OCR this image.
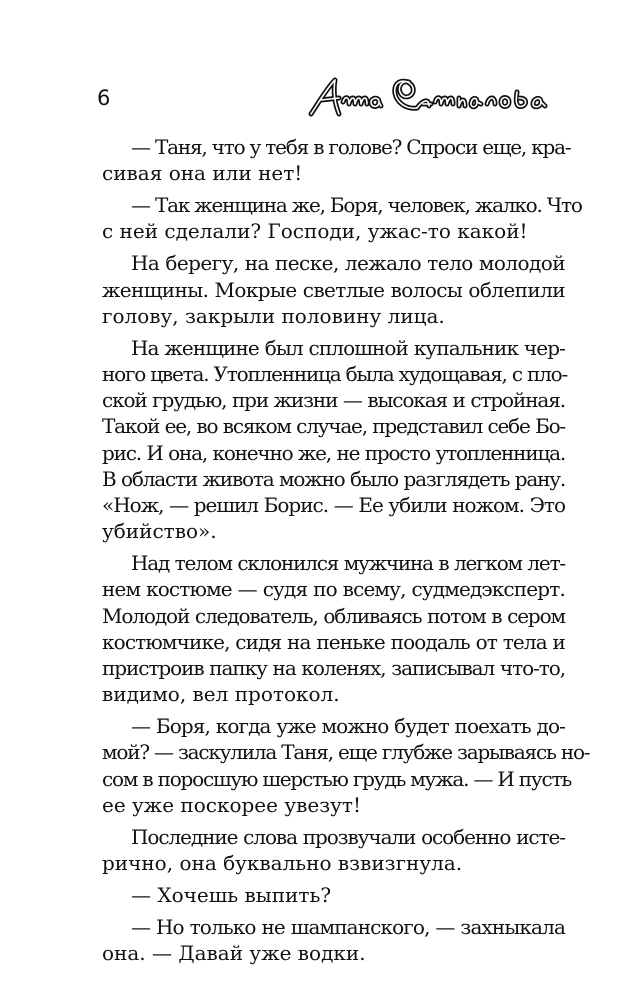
6
— Таня, что у тебя в голове? Спроси еще, кра-
сивая она или нет!
— Так женщина же, Боря, человек, жалко. Что
с ней сделали? Господи, ужас-то какой!
На берегу, на песке, лежало тело молодой
женщины. Мокрые светлые волосы облепили
голову, закрыли половину лица.
На женщине был сплошной купальник чер-
ного цвета. Утопленница была худощавая, с пло-
ской грудью, при жизни — высокая и стройная.
Такой ее, во всяком случае, представил себе Бо-
рис. И она, конечно же, не просто утопленница.
В области живота можно было разглядеть рану.
«Нож, — решил Борис. — Ее убили ножом. Это
убийство».
Над телом склонился мужчина в легком лет-
нем костюме — судя по всему, судмедэксперт.
Молодой следователь, обливаясь потом в сером
костюмчике, сидя на пеньке поодаль от тела и
пристроив папку на коленях, записывал что-то,
видимо, вел протокол.
— Боря, когда уже можно будет поехать до-
мой? — заскулила Таня, еще глубже зарываясь но-
сом в поросшую шерстью грудь мужа. — И пусть
ее уже поскорее увезут!
Последние слова прозвучали особенно исте-
рично, она буквально взвизгнула.
— Хочешь выпить?
— Но только не шампанского, — захныкала
она. — Давай уже водки.
